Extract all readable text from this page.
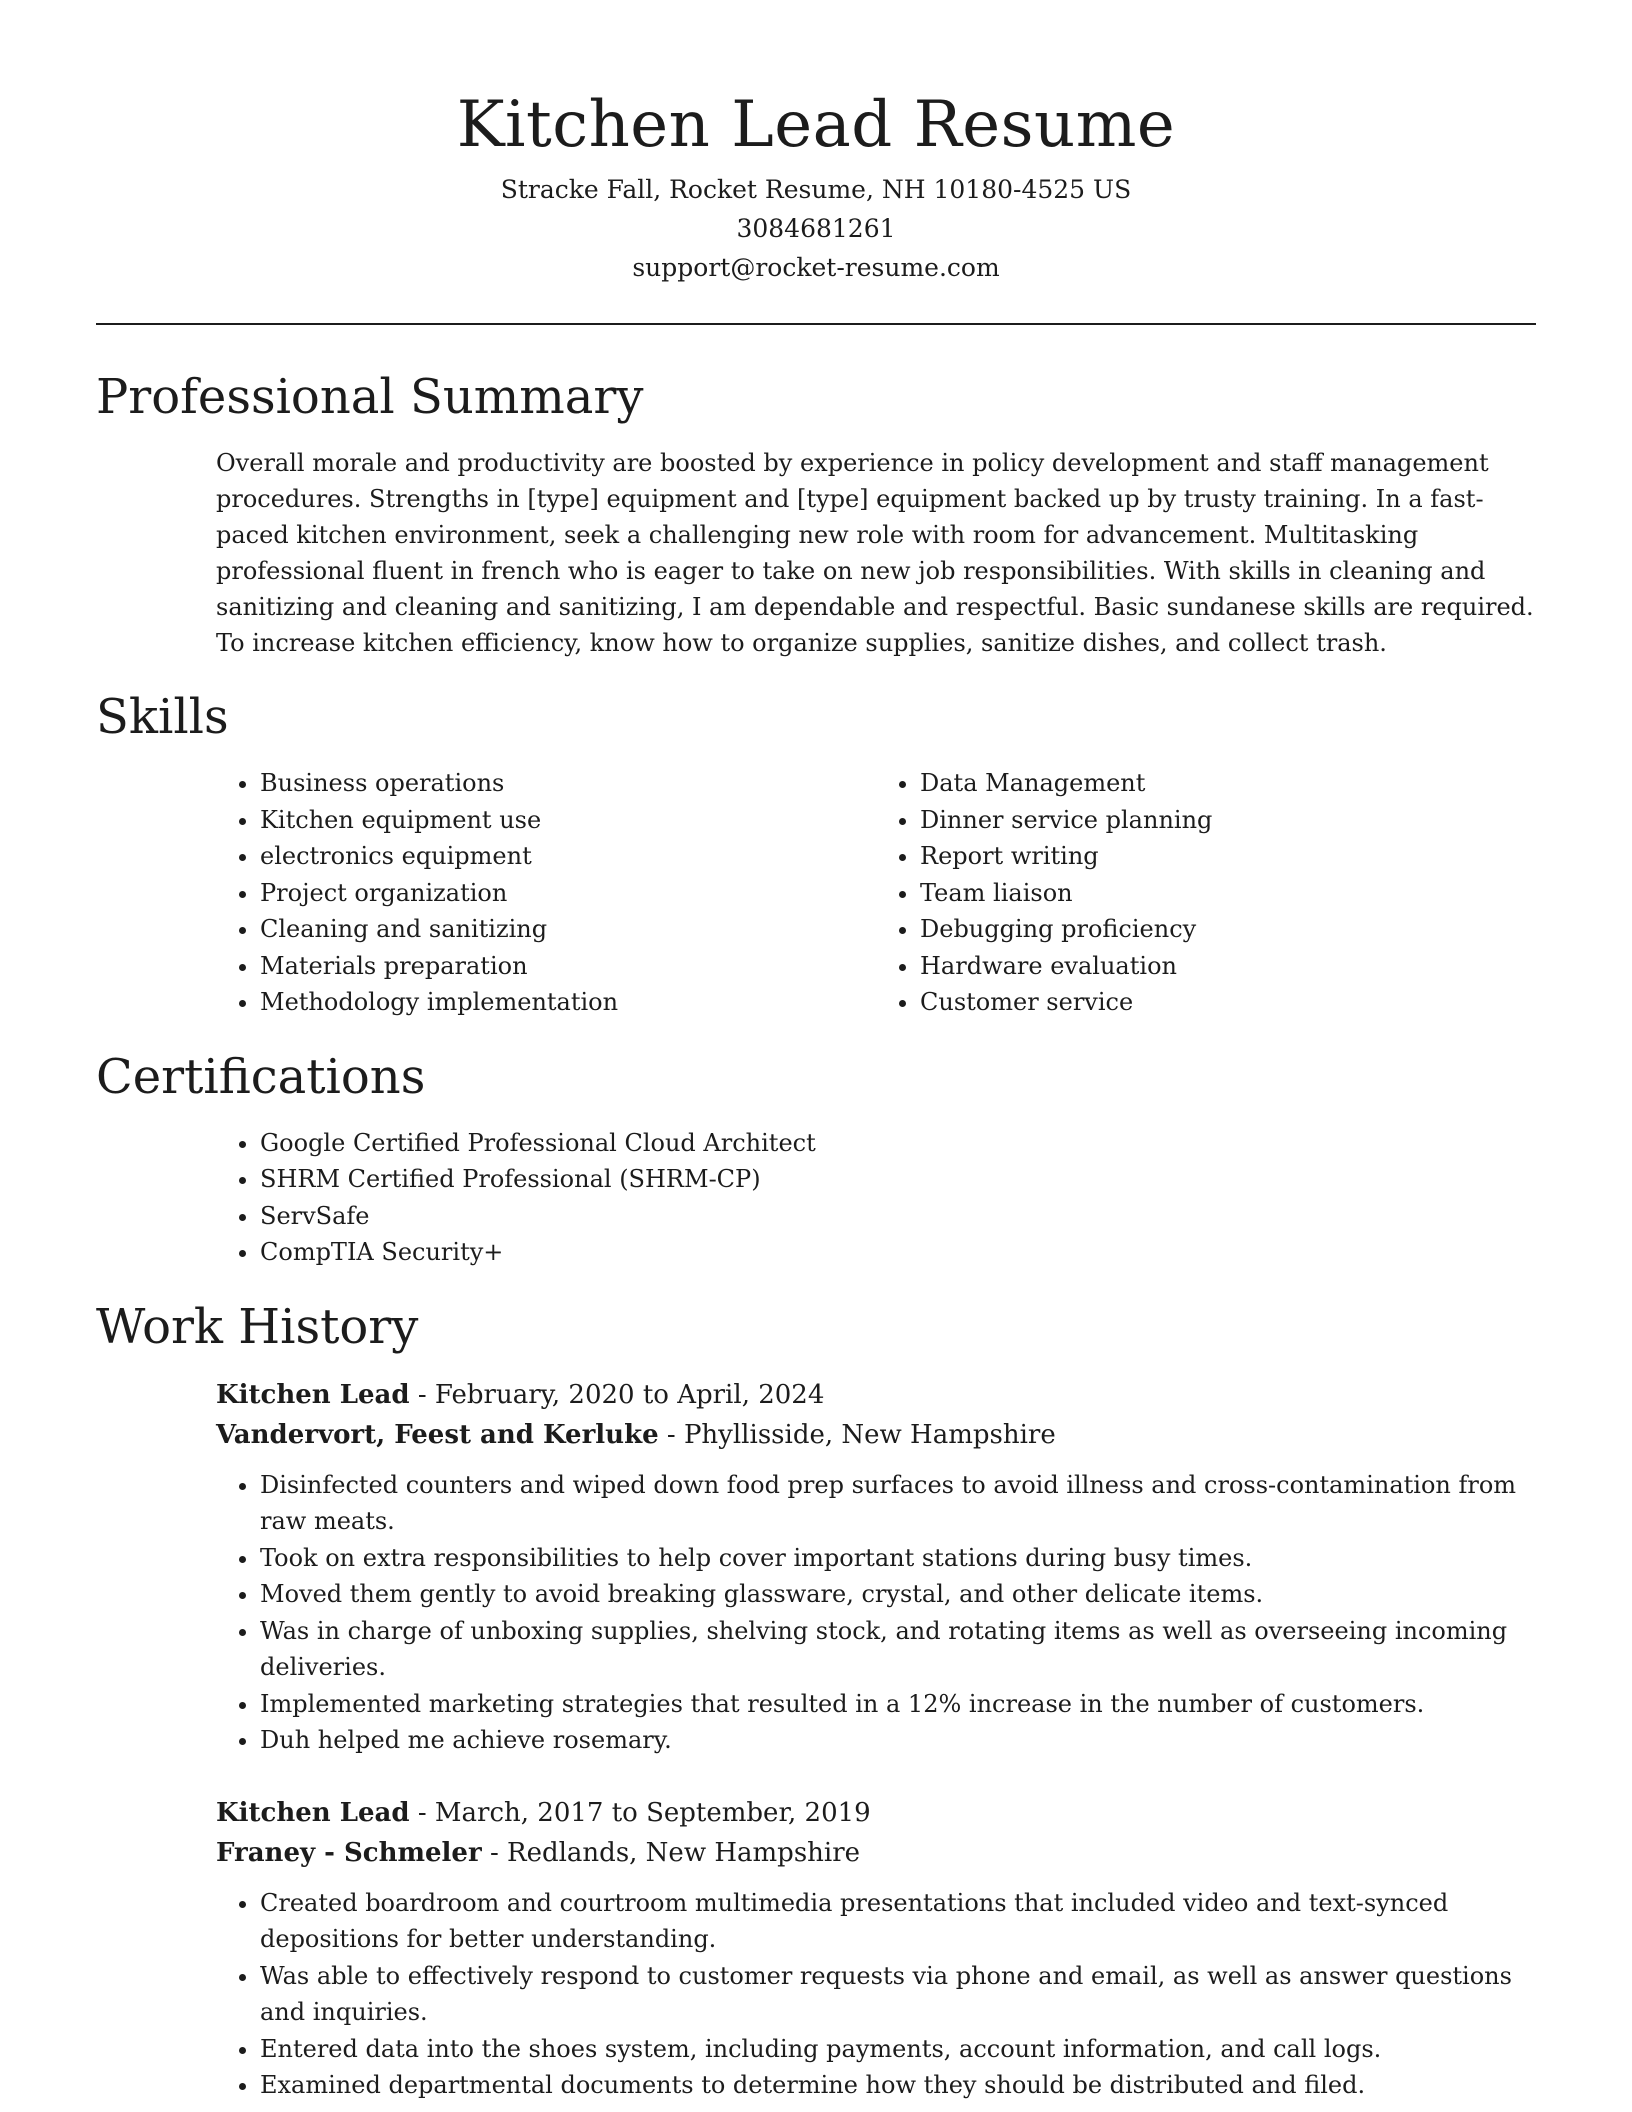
Kitchen Lead Resume

Stracke Fall, Rocket Resume, NH 10180-4525 US

3084681261

support@rocket-resume.com

Professional Summary

Overall morale and productivity are boosted by experience in policy development and staff management procedures. Strengths in [type] equipment and [type] equipment backed up by trusty training. In a fast-paced kitchen environment, seek a challenging new role with room for advancement. Multitasking professional fluent in french who is eager to take on new job responsibilities. With skills in cleaning and sanitizing and cleaning and sanitizing, I am dependable and respectful. Basic sundanese skills are required. To increase kitchen efficiency, know how to organize supplies, sanitize dishes, and collect trash.

Skills
• Business operations
• Kitchen equipment use
• electronics equipment
• Project organization
• Cleaning and sanitizing
• Materials preparation
• Methodology implementation
• Data Management
• Dinner service planning
• Report writing
• Team liaison
• Debugging proficiency
• Hardware evaluation
• Customer service
Certifications
• Google Certified Professional Cloud Architect
• SHRM Certified Professional (SHRM-CP)
• ServSafe
• CompTIA Security+
Work History
Kitchen Lead - February, 2020 to April, 2024
Vandervort, Feest and Kerluke - Phyllisside, New Hampshire
• Disinfected counters and wiped down food prep surfaces to avoid illness and cross-contamination from raw meats.
• Took on extra responsibilities to help cover important stations during busy times.
• Moved them gently to avoid breaking glassware, crystal, and other delicate items.
• Was in charge of unboxing supplies, shelving stock, and rotating items as well as overseeing incoming deliveries.
• Implemented marketing strategies that resulted in a 12% increase in the number of customers.
• Duh helped me achieve rosemary.
Kitchen Lead - March, 2017 to September, 2019
Franey - Schmeler - Redlands, New Hampshire
• Created boardroom and courtroom multimedia presentations that included video and text-synced depositions for better understanding.
• Was able to effectively respond to customer requests via phone and email, as well as answer questions and inquiries.
• Entered data into the shoes system, including payments, account information, and call logs.
• Examined departmental documents to determine how they should be distributed and filed.
